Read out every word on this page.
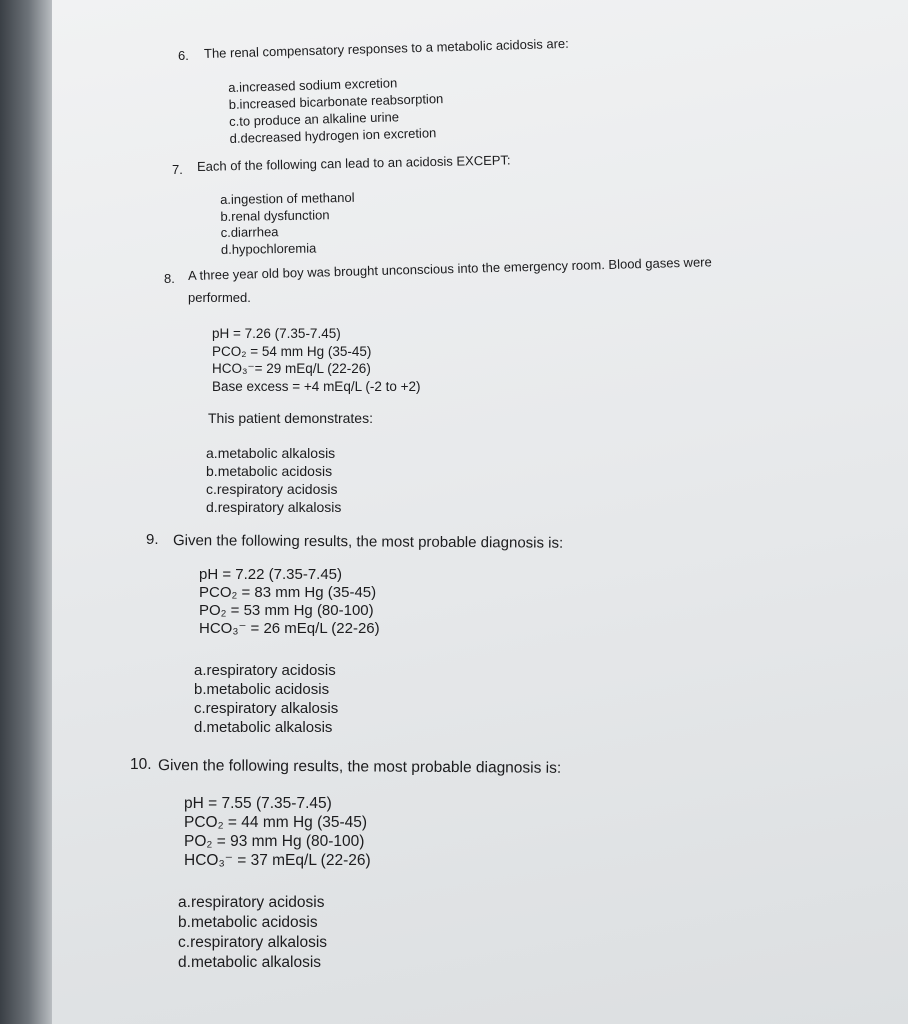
6. The renal compensatory responses to a metabolic acidosis are:
a.increased sodium excretion
b.increased bicarbonate reabsorption
c.to produce an alkaline urine
d.decreased hydrogen ion excretion
7. Each of the following can lead to an acidosis EXCEPT:
a.ingestion of methanol
b.renal dysfunction
c.diarrhea
d.hypochloremia
8. A three year old boy was brought unconscious into the emergency room. Blood gases were
performed.
pH = 7.26 (7.35-7.45)
PCO₂ = 54 mm Hg (35-45)
HCO₃⁻= 29 mEq/L (22-26)
Base excess = +4 mEq/L (-2 to +2)
This patient demonstrates:
a.metabolic alkalosis
b.metabolic acidosis
c.respiratory acidosis
d.respiratory alkalosis
9. Given the following results, the most probable diagnosis is:
pH = 7.22 (7.35-7.45)
PCO₂ = 83 mm Hg (35-45)
PO₂ = 53 mm Hg (80-100)
HCO₃⁻ = 26 mEq/L (22-26)
a.respiratory acidosis
b.metabolic acidosis
c.respiratory alkalosis
d.metabolic alkalosis
10. Given the following results, the most probable diagnosis is:
pH = 7.55 (7.35-7.45)
PCO₂ = 44 mm Hg (35-45)
PO₂ = 93 mm Hg (80-100)
HCO₃⁻ = 37 mEq/L (22-26)
a.respiratory acidosis
b.metabolic acidosis
c.respiratory alkalosis
d.metabolic alkalosis
